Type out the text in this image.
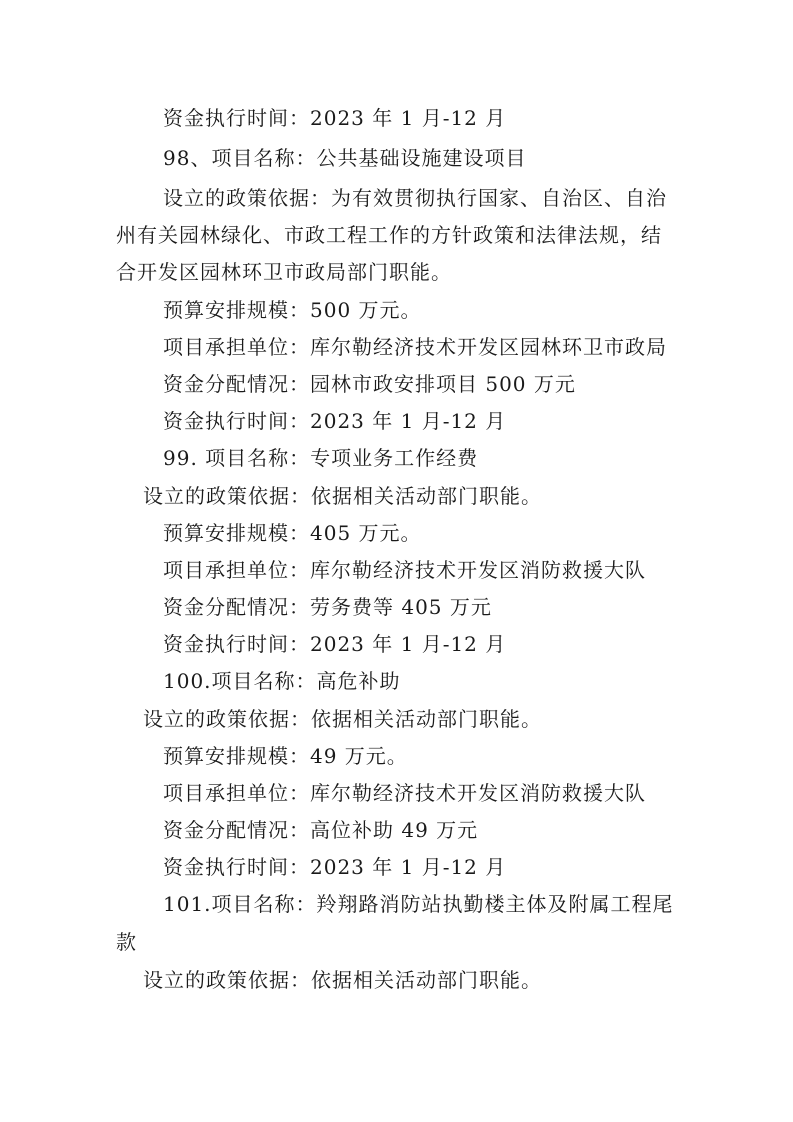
资金执行时间：2023 年 1 月-12 月
98、项目名称：公共基础设施建设项目
设立的政策依据：为有效贯彻执行国家、自治区、自治
州有关园林绿化、市政工程工作的方针政策和法律法规，结
合开发区园林环卫市政局部门职能。
预算安排规模：500 万元。
项目承担单位：库尔勒经济技术开发区园林环卫市政局
资金分配情况：园林市政安排项目 500 万元
资金执行时间：2023 年 1 月-12 月
99. 项目名称：专项业务工作经费
设立的政策依据：依据相关活动部门职能。
预算安排规模：405 万元。
项目承担单位：库尔勒经济技术开发区消防救援大队
资金分配情况：劳务费等 405 万元
资金执行时间：2023 年 1 月-12 月
100.项目名称：高危补助
设立的政策依据：依据相关活动部门职能。
预算安排规模：49 万元。
项目承担单位：库尔勒经济技术开发区消防救援大队
资金分配情况：高位补助 49 万元
资金执行时间：2023 年 1 月-12 月
101.项目名称：羚翔路消防站执勤楼主体及附属工程尾
款
设立的政策依据：依据相关活动部门职能。
